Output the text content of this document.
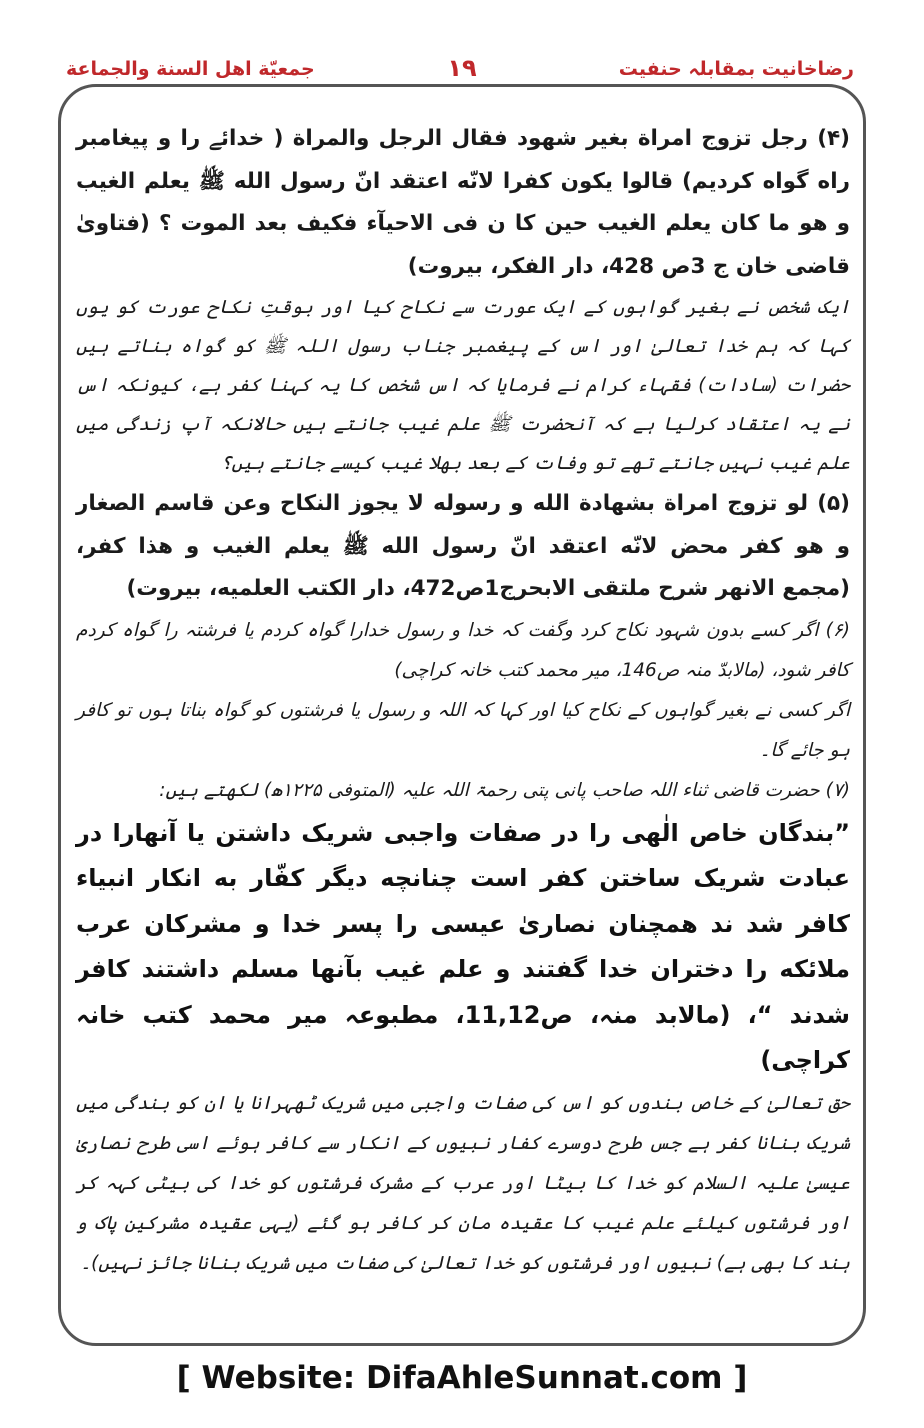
رضاخانیت بمقابلہ حنفیت
۱۹
جمعيّة اهل السنة والجماعة

(۴) رجل تزوج امراة بغير شهود فقال الرجل والمراة ( خدائے را و پيغامبر راه گواه كرديم) قالوا يكون كفرا لانّه اعتقد انّ رسول الله ﷺ يعلم الغيب و هو ما كان يعلم الغيب حين كا ن فى الاحيآء فكيف بعد الموت ؟ (فتاوىٰ قاضى خان ج 3ص 428، دار الفكر، بيروت)

ایک شخص نے بغیر گواہوں کے ایک عورت سے نکاح کیا اور بوقتِ نکاح عورت کو یوں کہا کہ ہم خدا تعالیٰ اور اس کے پیغمبر جناب رسول اللہ ﷺ کو گواہ بناتے ہیں حضرات (سادات) فقہاء کرام نے فرمایا کہ اس شخص کا یہ کہنا کفر ہے، کیونکہ اس نے یہ اعتقاد کرلیا ہے کہ آنحضرت ﷺ علم غیب جانتے ہیں حالانکہ آپ زندگی میں علم غیب نہیں جانتے تھے تو وفات کے بعد بھلا غیب کیسے جانتے ہیں؟

(۵) لو تزوج امراة بشهادة الله و رسوله لا يجوز النكاح وعن قاسم الصغار و هو كفر محض لانّه اعتقد انّ رسول الله ﷺ يعلم الغيب و هذا كفر، (مجمع الانهر شرح ملتقى الابحرج1ص472، دار الكتب العلميه، بيروت)

(۶) اگر کسے بدون شہود نکاح کرد وگفت کہ خدا و رسول خدارا گواہ کردم یا فرشتہ را گواہ کردم کافر شود، (مالابدّ منہ ص146، میر محمد کتب خانہ کراچی)

اگر کسی نے بغیر گواہوں کے نکاح کیا اور کہا کہ اللہ و رسول یا فرشتوں کو گواہ بناتا ہوں تو کافر ہو جائے گا۔

(۷) حضرت قاضی ثناء اللہ صاحب پانی پتی رحمۃ اللہ علیہ (المتوفی ۱۲۲۵ھ) لکھتے ہیں:

”بندگان خاص الٰهی را در صفات واجبی شریک داشتن یا آنهارا در عبادت شریک ساختن کفر است چنانچه دیگر کفّار به انکار انبیاء کافر شد ند همچنان نصاریٰ عیسی را پسر خدا و مشرکان عرب ملائکه را دختران خدا گفتند و علم غیب بآنها مسلم داشتند کافر شدند “، (مالابد منہ، ص11,12، مطبوعہ میر محمد کتب خانہ کراچی)

حق تعالیٰ کے خاص بندوں کو اس کی صفات واجبی میں شریک ٹھہرانا یا ان کو بندگی میں شریک بنانا کفر ہے جس طرح دوسرے کفار نبیوں کے انکار سے کافر ہوئے اسی طرح نصاریٰ عیسیٰ علیہ السلام کو خدا کا بیٹا اور عرب کے مشرک فرشتوں کو خدا کی بیٹی کہہ کر اور فرشتوں کیلئے علم غیب کا عقیدہ مان کر کافر ہو گئے (یہی عقیدہ مشرکین پاک و ہند کا بھی ہے) نبیوں اور فرشتوں کو خدا تعالیٰ کی صفات میں شریک بنانا جائز نہیں)۔

[ Website: DifaAhleSunnat.com ]
